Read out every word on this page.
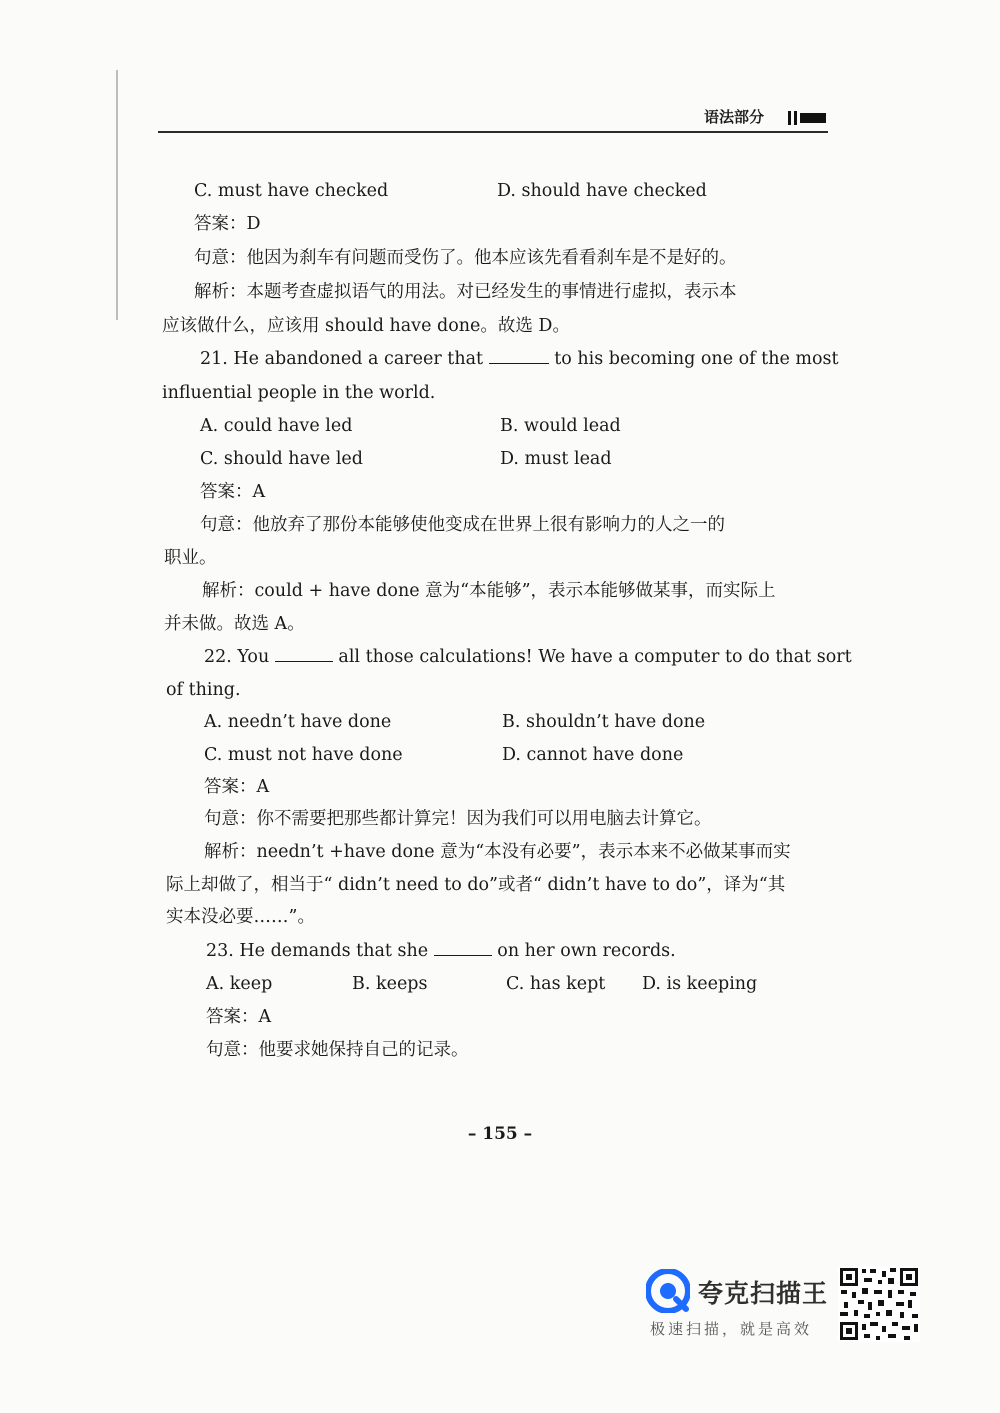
语法部分
C. must have checked	D. should have checked
答案：D
句意：他因为刹车有问题而受伤了。他本应该先看看刹车是不是好的。
解析：本题考查虚拟语气的用法。对已经发生的事情进行虚拟，表示本
应该做什么，应该用 should have done。故选 D。
21. He abandoned a career that	to his becoming one of the most
influential people in the world.
A. could have led	B. would lead
C. should have led	D. must lead
答案：A
句意：他放弃了那份本能够使他变成在世界上很有影响力的人之一的
职业。
解析：could + have done 意为“本能够”，表示本能够做某事，而实际上
并未做。故选 A。
22. You	all those calculations! We have a computer to do that sort
of thing.
A. needn’t have done	B. shouldn’t have done
C. must not have done	D. cannot have done
答案：A
句意：你不需要把那些都计算完！因为我们可以用电脑去计算它。
解析：needn’t +have done 意为“本没有必要”，表示本来不必做某事而实
际上却做了，相当于“ didn’t need to do”或者“ didn’t have to do”，译为“其
实本没必要……”。
23. He demands that she	on her own records.
A. keep	B. keeps	C. has kept D. is keeping
答案：A
句意：他要求她保持自己的记录。
– 155 –
夸克扫描王
极速扫描，就是高效
